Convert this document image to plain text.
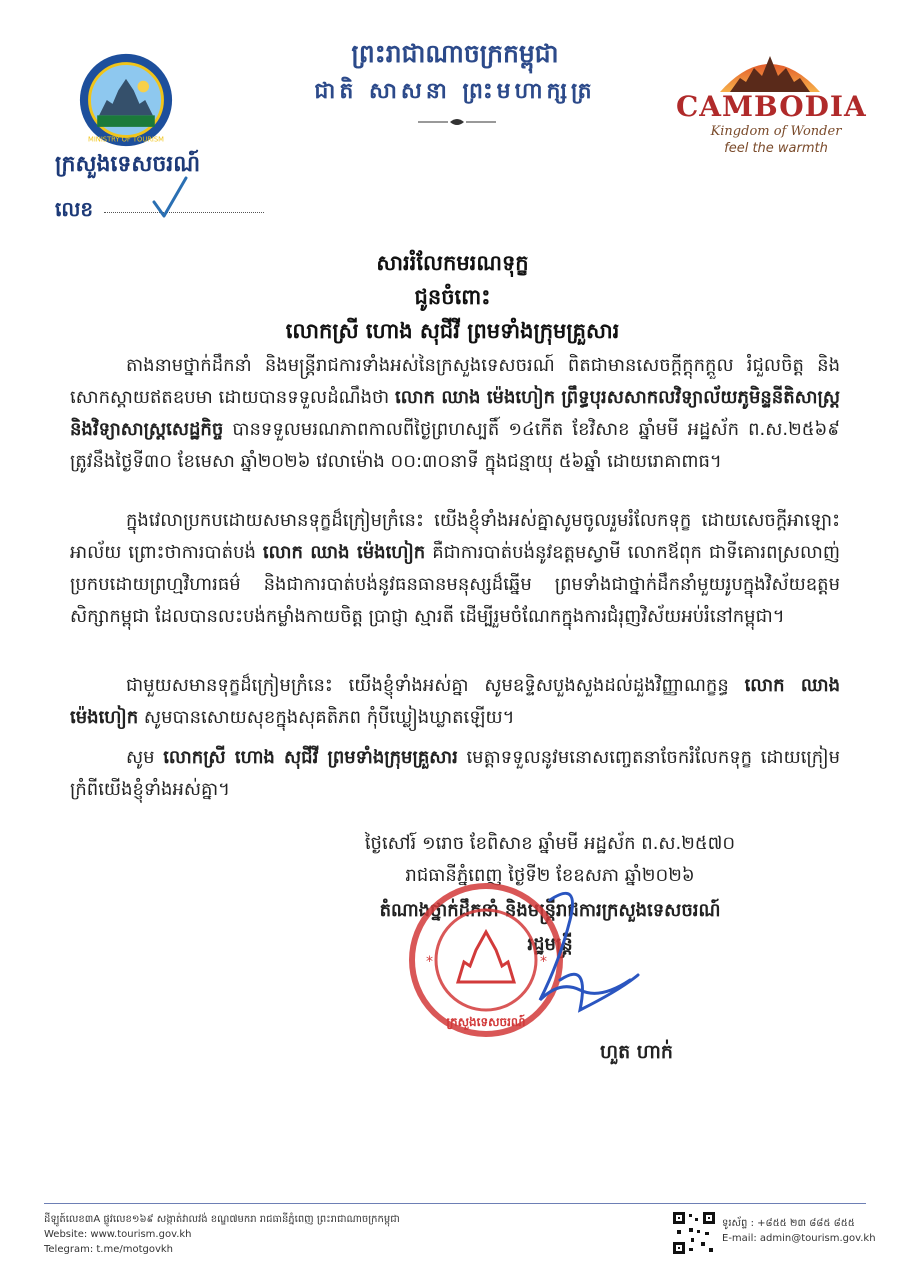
MINISTRY OF TOURISM
ព្រះរាជាណាចក្រកម្ពុជា
ជាតិ សាសនា ព្រះមហាក្សត្រ	CAMBODIA
Kingdom of Wonder
feel the warmth
ក្រសួងទេសចរណ៍
លេខ
សាររំលែកមរណទុក្ខ
ជូនចំពោះ
លោកស្រី ហោង សុជីវី ព្រមទាំងក្រុមគ្រួសារ
តាងនាមថ្នាក់ដឹកនាំ និងមន្ត្រីរាជការទាំងអស់នៃក្រសួងទេសចរណ៍ ពិតជាមានសេចក្តីក្តុកក្តួល រំជួលចិត្ត និង សោកស្តាយឥតឧបមា ដោយបានទទួលដំណឹងថា លោក ឈាង ម៉េងហៀក ព្រឹទ្ធបុរសសាកលវិទ្យាល័យភូមិន្ទនីតិសាស្ត្រ និងវិទ្យាសាស្ត្រសេដ្ឋកិច្ច បានទទួលមរណភាពកាលពីថ្ងៃព្រហស្បតិ៍ ១៤កើត ខែវិសាខ ឆ្នាំមមី អដ្ឋស័ក ព.ស.២៥៦៩ ត្រូវនឹងថ្ងៃទី៣០ ខែមេសា ឆ្នាំ២០២៦ វេលាម៉ោង ០០:៣០នាទី ក្នុងជន្មាយុ ៥៦ឆ្នាំ ដោយរោគាពាធ។
ក្នុងវេលាប្រកបដោយសមានទុក្ខដ៏ក្រៀមក្រំនេះ យើងខ្ញុំទាំងអស់គ្នាសូមចូលរួមរំលែកទុក្ខ ដោយសេចក្តីអាឡោះអាល័យ ព្រោះថាការបាត់បង់ លោក ឈាង ម៉េងហៀក គឺជាការបាត់បង់នូវឧត្តមស្វាមី លោកឪពុក ជាទីគោរពស្រលាញ់ប្រកបដោយព្រហ្មវិហារធម៌ និងជាការបាត់បង់នូវធនធានមនុស្សដ៏ឆ្នើម ព្រមទាំងជាថ្នាក់ដឹកនាំមួយរូបក្នុងវិស័យឧត្តមសិក្សាកម្ពុជា ដែលបានលះបង់កម្លាំងកាយចិត្ត ប្រាជ្ញា ស្មារតី ដើម្បីរួមចំណែកក្នុងការជំរុញវិស័យអប់រំនៅកម្ពុជា។
ជាមួយសមានទុក្ខដ៏ក្រៀមក្រំនេះ យើងខ្ញុំទាំងអស់គ្នា សូមឧទ្ទិសបួងសួងដល់ដួងវិញ្ញាណក្ខន្ធ លោក ឈាង ម៉េងហៀក សូមបានសោយសុខក្នុងសុគតិភព កុំបីឃ្លៀងឃ្លាតឡើយ។
សូម លោកស្រី ហោង សុជីវី ព្រមទាំងក្រុមគ្រួសារ មេត្តាទទួលនូវមនោសញ្ចេតនាចែករំលែកទុក្ខ ដោយក្រៀមក្រំពីយើងខ្ញុំទាំងអស់គ្នា។
ថ្ងៃសៅរ៍ ១រោច ខែពិសាខ ឆ្នាំមមី អដ្ឋស័ក ព.ស.២៥៧០
រាជធានីភ្នំពេញ ថ្ងៃទី២ ខែឧសភា ឆ្នាំ២០២៦
តំណាងថ្នាក់ដឹកនាំ និងមន្ត្រីរាជការក្រសួងទេសចរណ៍
រដ្ឋមន្ត្រី
*	*
ក្រសួងទេសចរណ៍
ហួត ហាក់
ដីឡូត៍លេខ៣A ផ្លូវលេខ១៦៩ សង្កាត់វាលវង់ ខណ្ឌ៧មករា រាជធានីភ្នំពេញ ព្រះរាជាណាចក្រកម្ពុជា
Website: www.tourism.gov.kh
Telegram: t.me/motgovkh
ទូរស័ព្ទ : +៨៥៥ ២៣ ៨៨៥ ៨៥៥
E-mail: admin@tourism.gov.kh
